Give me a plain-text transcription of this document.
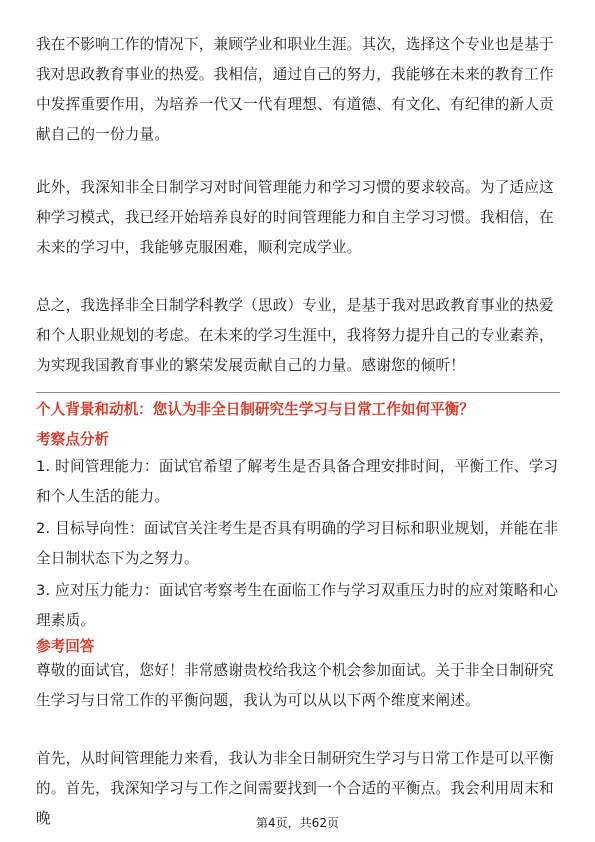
我在不影响工作的情况下，兼顾学业和职业生涯。其次，选择这个专业也是基于我对思政教育事业的热爱。我相信，通过自己的努力，我能够在未来的教育工作中发挥重要作用，为培养一代又一代有理想、有道德、有文化、有纪律的新人贡献自己的一份力量。

此外，我深知非全日制学习对时间管理能力和学习习惯的要求较高。为了适应这种学习模式，我已经开始培养良好的时间管理能力和自主学习习惯。我相信，在未来的学习中，我能够克服困难，顺利完成学业。

总之，我选择非全日制学科教学（思政）专业，是基于我对思政教育事业的热爱和个人职业规划的考虑。在未来的学习生涯中，我将努力提升自己的专业素养，为实现我国教育事业的繁荣发展贡献自己的力量。感谢您的倾听！

个人背景和动机：您认为非全日制研究生学习与日常工作如何平衡？
考察点分析

1. 时间管理能力：面试官希望了解考生是否具备合理安排时间，平衡工作、学习和个人生活的能力。

2. 目标导向性：面试官关注考生是否具有明确的学习目标和职业规划，并能在非全日制状态下为之努力。

3. 应对压力能力：面试官考察考生在面临工作与学习双重压力时的应对策略和心理素质。

参考回答

尊敬的面试官，您好！非常感谢贵校给我这个机会参加面试。关于非全日制研究生学习与日常工作的平衡问题，我认为可以从以下两个维度来阐述。

首先，从时间管理能力来看，我认为非全日制研究生学习与日常工作是可以平衡的。首先，我深知学习与工作之间需要找到一个合适的平衡点。我会利用周末和晚	第4页，共62页
